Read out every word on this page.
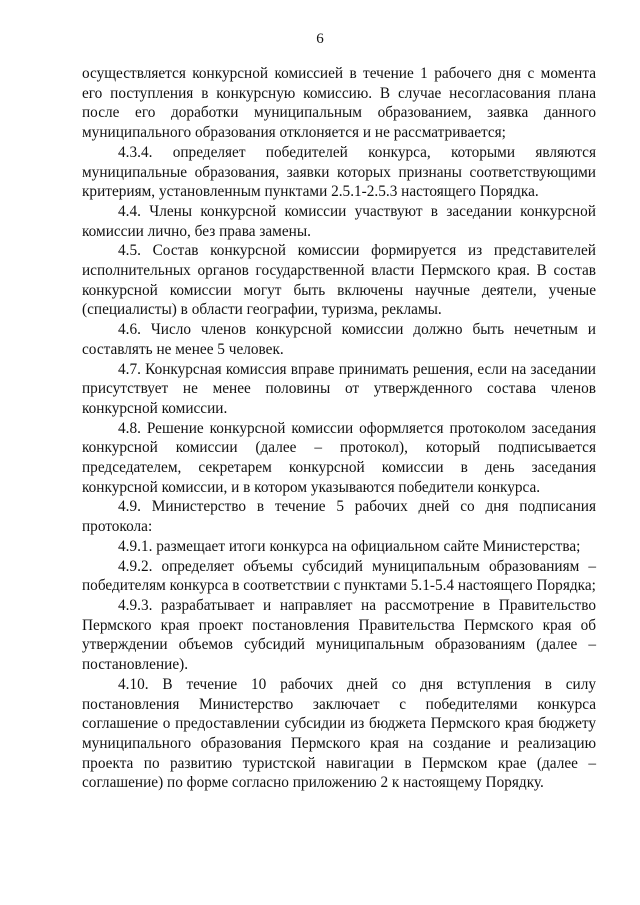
6

осуществляется конкурсной комиссией в течение 1 рабочего дня с момента его поступления в конкурсную комиссию. В случае несогласования плана после его доработки муниципальным образованием, заявка данного муниципального образования отклоняется и не рассматривается;

4.3.4. определяет победителей конкурса, которыми являются муниципальные образования, заявки которых признаны соответствующими критериям, установленным пунктами 2.5.1-2.5.3 настоящего Порядка.

4.4. Члены конкурсной комиссии участвуют в заседании конкурсной комиссии лично, без права замены.

4.5. Состав конкурсной комиссии формируется из представителей исполнительных органов государственной власти Пермского края. В состав конкурсной комиссии могут быть включены научные деятели, ученые (специалисты) в области географии, туризма, рекламы.

4.6. Число членов конкурсной комиссии должно быть нечетным и составлять не менее 5 человек.

4.7. Конкурсная комиссия вправе принимать решения, если на заседании присутствует не менее половины от утвержденного состава членов конкурсной комиссии.

4.8. Решение конкурсной комиссии оформляется протоколом заседания конкурсной комиссии (далее – протокол), который подписывается председателем, секретарем конкурсной комиссии в день заседания конкурсной комиссии, и в котором указываются победители конкурса.

4.9. Министерство в течение 5 рабочих дней со дня подписания протокола:

4.9.1. размещает итоги конкурса на официальном сайте Министерства;

4.9.2. определяет объемы субсидий муниципальным образованиям – победителям конкурса в соответствии с пунктами 5.1-5.4 настоящего Порядка;

4.9.3. разрабатывает и направляет на рассмотрение в Правительство Пермского края проект постановления Правительства Пермского края об утверждении объемов субсидий муниципальным образованиям (далее – постановление).

4.10. В течение 10 рабочих дней со дня вступления в силу постановления Министерство заключает с победителями конкурса соглашение о предоставлении субсидии из бюджета Пермского края бюджету муниципального образования Пермского края на создание и реализацию проекта по развитию туристской навигации в Пермском крае (далее – соглашение) по форме согласно приложению 2 к настоящему Порядку.
